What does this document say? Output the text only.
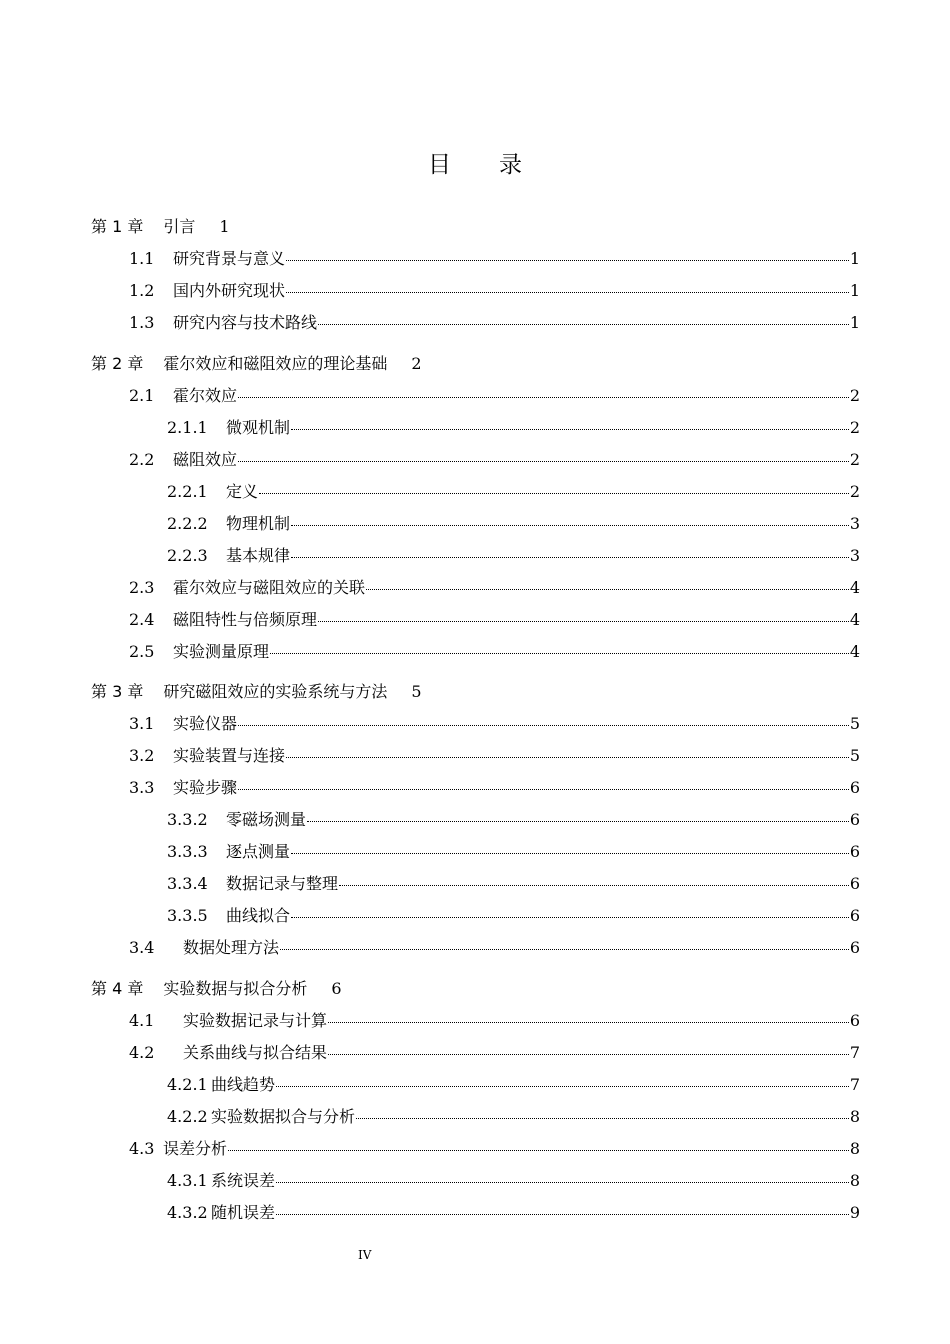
目 录
第 1 章 引言 1
1.1	研究背景与意义	1
1.2	国内外研究现状	1
1.3	研究内容与技术路线	1
第 2 章 霍尔效应和磁阻效应的理论基础 2
2.1	霍尔效应	2
2.1.1	微观机制	2
2.2	磁阻效应	2
2.2.1	定义	2
2.2.2	物理机制	3
2.2.3	基本规律	3
2.3	霍尔效应与磁阻效应的关联	4
2.4	磁阻特性与倍频原理	4
2.5	实验测量原理	4
第 3 章 研究磁阻效应的实验系统与方法 5
3.1	实验仪器	5
3.2	实验装置与连接	5
3.3	实验步骤	6
3.3.2	零磁场测量	6
3.3.3	逐点测量	6
3.3.4	数据记录与整理	6
3.3.5	曲线拟合	6
3.4	数据处理方法	6
第 4 章 实验数据与拟合分析 6
4.1	实验数据记录与计算	6
4.2	关系曲线与拟合结果	7
4.2.1 曲线趋势	7
4.2.2 实验数据拟合与分析	8
4.3 误差分析	8
4.3.1 系统误差	8
4.3.2 随机误差	9
IV
